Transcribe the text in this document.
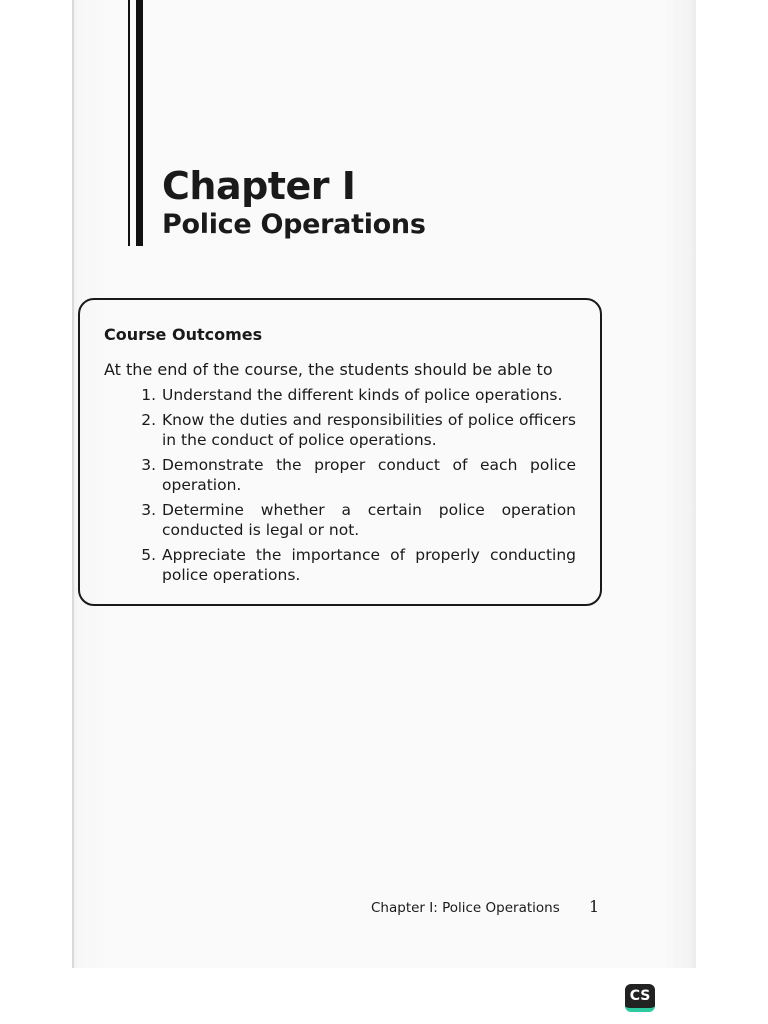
Chapter I
Police Operations
Course Outcomes
At the end of the course, the students should be able to
1. Understand the different kinds of police operations.
2. Know the duties and responsibilities of police officers in the conduct of police operations.
3. Demonstrate the proper conduct of each police operation.
3. Determine whether a certain police operation conducted is legal or not.
5. Appreciate the importance of properly conducting police operations.
Chapter I: Police Operations 1
CS
